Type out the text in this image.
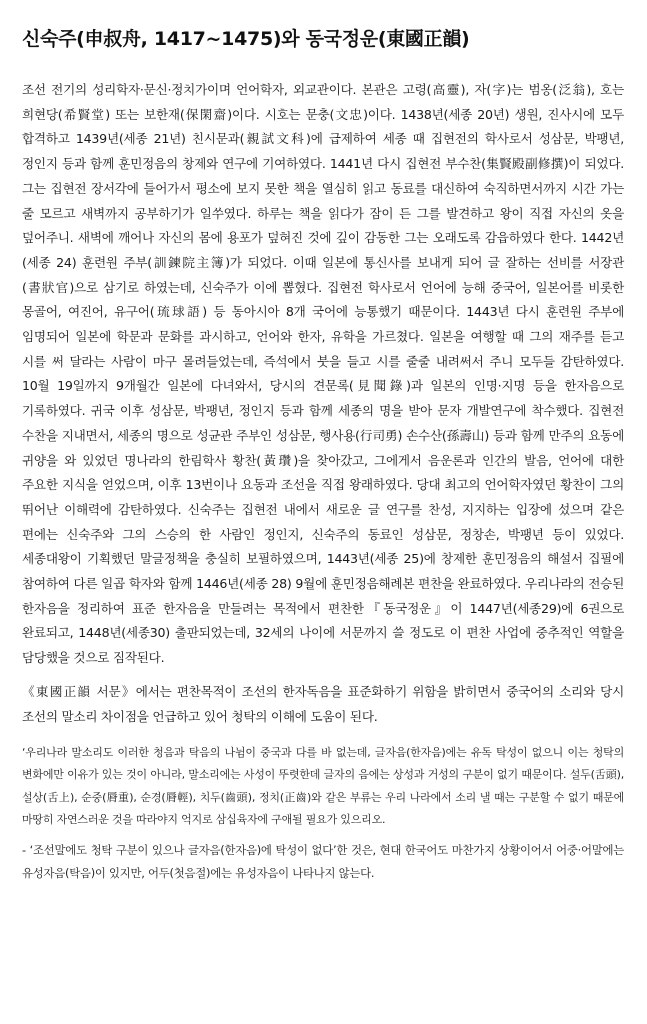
신숙주(申叔舟, 1417~1475)와 동국정운(東國正韻)

조선 전기의 성리학자·문신·정치가이며 언어학자, 외교관이다. 본관은 고령(高靈), 자(字)는 범옹(泛翁), 호는 희현당(希賢堂) 또는 보한재(保閑齋)이다. 시호는 문충(文忠)이다. 1438년(세종 20년) 생원, 진사시에 모두 합격하고 1439년(세종 21년) 친시문과(親試文科)에 급제하여 세종 때 집현전의 학사로서 성삼문, 박팽년, 정인지 등과 함께 훈민정음의 창제와 연구에 기여하였다. 1441년 다시 집현전 부수찬(集賢殿副修撰)이 되었다. 그는 집현전 장서각에 들어가서 평소에 보지 못한 책을 열심히 읽고 동료를 대신하여 숙직하면서까지 시간 가는 줄 모르고 새벽까지 공부하기가 일쑤였다. 하루는 책을 읽다가 잠이 든 그를 발견하고 왕이 직접 자신의 옷을 덮어주니. 새벽에 깨어나 자신의 몸에 용포가 덮혀진 것에 깊이 감동한 그는 오래도록 감읍하였다 한다. 1442년(세종 24) 훈련원 주부(訓鍊院主簿)가 되었다. 이때 일본에 통신사를 보내게 되어 글 잘하는 선비를 서장관(書狀官)으로 삼기로 하였는데, 신숙주가 이에 뽑혔다. 집현전 학사로서 언어에 능해 중국어, 일본어를 비롯한 몽골어, 여진어, 유구어(琉球語) 등 동아시아 8개 국어에 능통했기 때문이다. 1443년 다시 훈련원 주부에 임명되어 일본에 학문과 문화를 과시하고, 언어와 한자, 유학을 가르쳤다. 일본을 여행할 때 그의 재주를 듣고 시를 써 달라는 사람이 마구 몰려들었는데, 즉석에서 붓을 들고 시를 줄줄 내려써서 주니 모두들 감탄하였다. 10월 19일까지 9개월간 일본에 다녀와서, 당시의 견문록(見聞錄)과 일본의 인명·지명 등을 한자음으로 기록하였다. 귀국 이후 성삼문, 박팽년, 정인지 등과 함께 세종의 명을 받아 문자 개발연구에 착수했다. 집현전 수찬을 지내면서, 세종의 명으로 성균관 주부인 성삼문, 행사용(行司勇) 손수산(孫壽山) 등과 함께 만주의 요동에 귀양을 와 있었던 명나라의 한림학사 황찬(黃瓚)을 찾아갔고, 그에게서 음운론과 인간의 발음, 언어에 대한 주요한 지식을 얻었으며, 이후 13번이나 요동과 조선을 직접 왕래하였다. 당대 최고의 언어학자였던 황찬이 그의 뛰어난 이해력에 감탄하였다. 신숙주는 집현전 내에서 새로운 글 연구를 찬성, 지지하는 입장에 섰으며 같은 편에는 신숙주와 그의 스승의 한 사람인 정인지, 신숙주의 동료인 성삼문, 정창손, 박팽년 등이 있었다. 세종대왕이 기획했던 말글정책을 충실히 보필하였으며, 1443년(세종 25)에 창제한 훈민정음의 해설서 집필에 참여하여 다른 일곱 학자와 함께 1446년(세종 28) 9월에 훈민정음해례본 편찬을 완료하였다. 우리나라의 전승된 한자음을 정리하여 표준 한자음을 만들려는 목적에서 편찬한『동국정운』이 1447년(세종29)에 6권으로 완료되고, 1448년(세종30) 출판되었는데, 32세의 나이에 서문까지 쓸 정도로 이 편찬 사업에 중추적인 역할을 담당했을 것으로 짐작된다.

《東國正韻 서문》에서는 편찬목적이 조선의 한자독음을 표준화하기 위함을 밝히면서 중국어의 소리와 당시 조선의 말소리 차이점을 언급하고 있어 청탁의 이해에 도움이 된다.

‘우리나라 말소리도 이러한 청음과 탁음의 나뉨이 중국과 다를 바 없는데, 글자음(한자음)에는 유독 탁성이 없으니 이는 청탁의 변화에만 이유가 있는 것이 아니라, 말소리에는 사성이 뚜렷한데 글자의 음에는 상성과 거성의 구분이 없기 때문이다. 설두(舌頭), 설상(舌上), 순중(脣重), 순경(脣輕), 치두(齒頭), 정치(正齒)와 같은 부류는 우리 나라에서 소리 낼 때는 구분할 수 없기 때문에 마땅히 자연스러운 것을 따라야지 억지로 삼십육자에 구애될 필요가 있으리오.

- ‘조선말에도 청탁 구분이 있으나 글자음(한자음)에 탁성이 없다’한 것은, 현대 한국어도 마찬가지 상황이어서 어중·어말에는 유성자음(탁음)이 있지만, 어두(첫음절)에는 유성자음이 나타나지 않는다.
